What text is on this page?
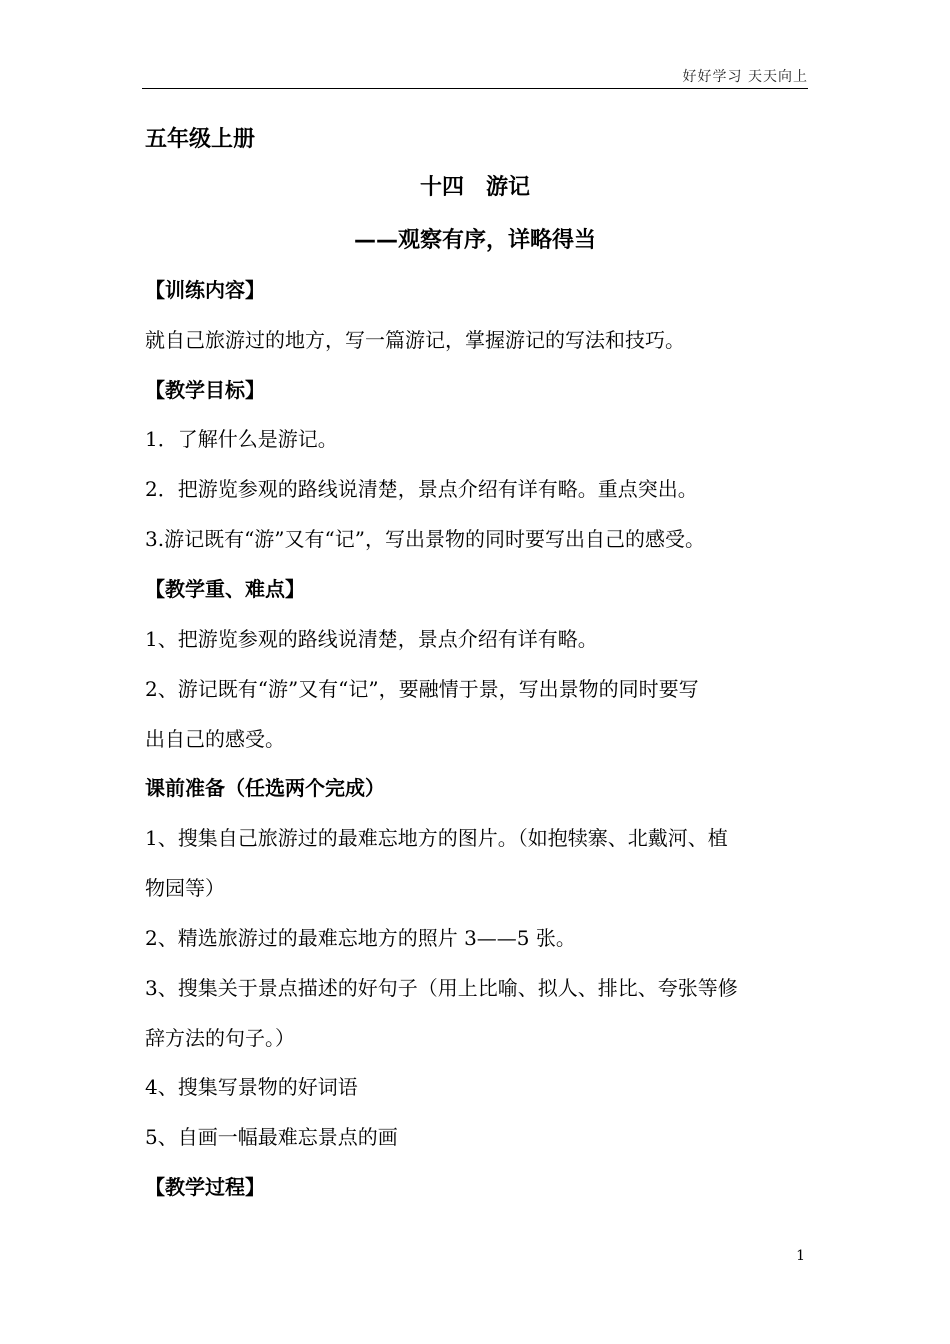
好好学习 天天向上
五年级上册
十四　游记
——观察有序，详略得当
【训练内容】
就自己旅游过的地方，写一篇游记，掌握游记的写法和技巧。
【教学目标】
1．了解什么是游记。
2．把游览参观的路线说清楚，景点介绍有详有略。重点突出。
3.游记既有“游”又有“记”，写出景物的同时要写出自己的感受。
【教学重、难点】
1、把游览参观的路线说清楚，景点介绍有详有略。
2、游记既有“游”又有“记”，要融情于景，写出景物的同时要写
出自己的感受。
课前准备（任选两个完成）
1、搜集自己旅游过的最难忘地方的图片。（如抱犊寨、北戴河、植
物园等）
2、精选旅游过的最难忘地方的照片 3——5 张。
3、搜集关于景点描述的好句子（用上比喻、拟人、排比、夸张等修
辞方法的句子。）
4、搜集写景物的好词语
5、自画一幅最难忘景点的画
【教学过程】
1
